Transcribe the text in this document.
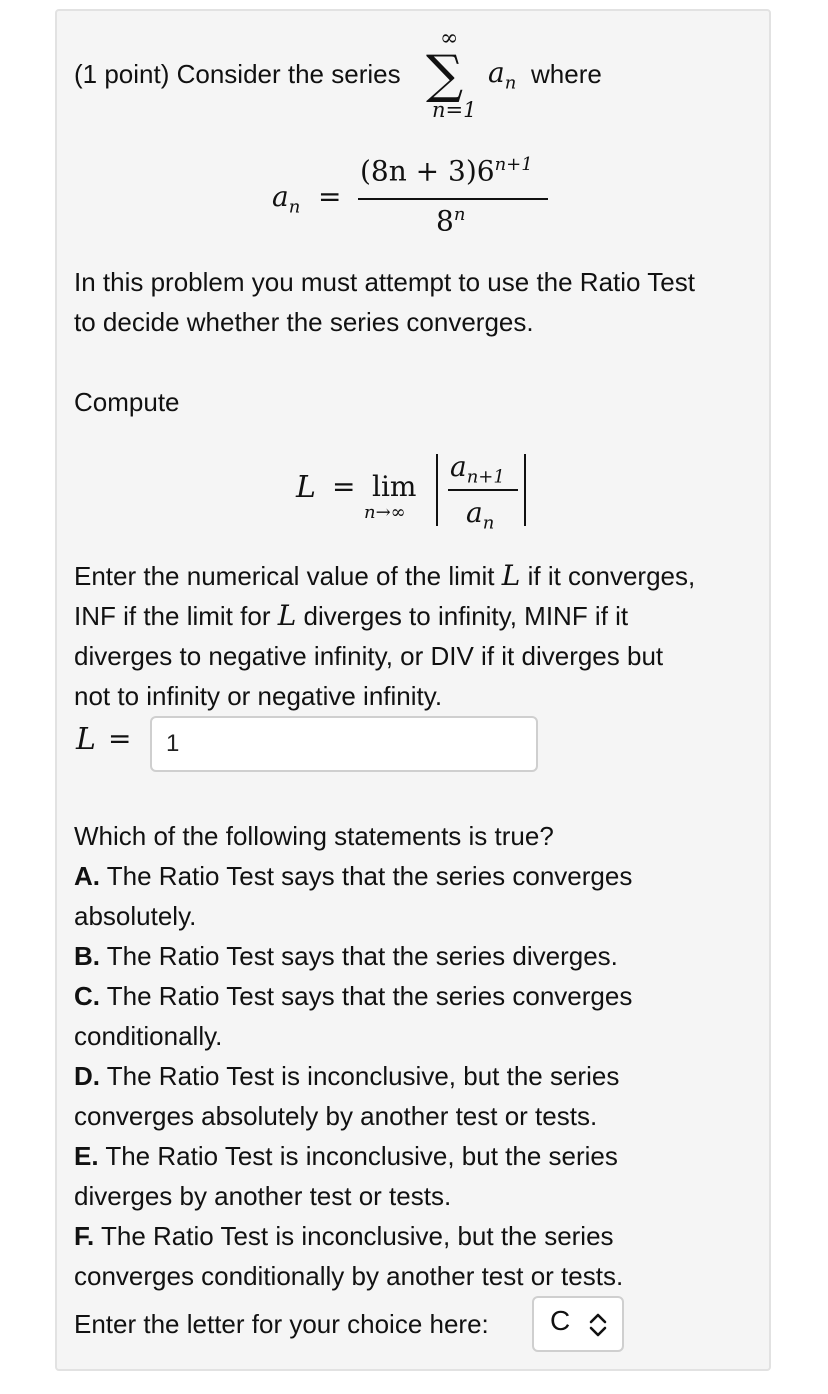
(1 point) Consider the series
∞
∑
n=1
$a_n$ where
$a_n$ =
$(8n + 3)6^{n+1}$
8$^n$
In this problem you must attempt to use the Ratio Test
to decide whether the series converges.
Compute
L = lim
n→∞
$a_{n+1}$
$a_n$
Enter the numerical value of the limit L if it converges,
INF if the limit for L diverges to infinity, MINF if it
diverges to negative infinity, or DIV if it diverges but
not to infinity or negative infinity.
L =	1
Which of the following statements is true?
A. The Ratio Test says that the series converges
absolutely.
B. The Ratio Test says that the series diverges.
C. The Ratio Test says that the series converges
conditionally.
D. The Ratio Test is inconclusive, but the series
converges absolutely by another test or tests.
E. The Ratio Test is inconclusive, but the series
diverges by another test or tests.
F. The Ratio Test is inconclusive, but the series
converges conditionally by another test or tests.
Enter the letter for your choice here: C
